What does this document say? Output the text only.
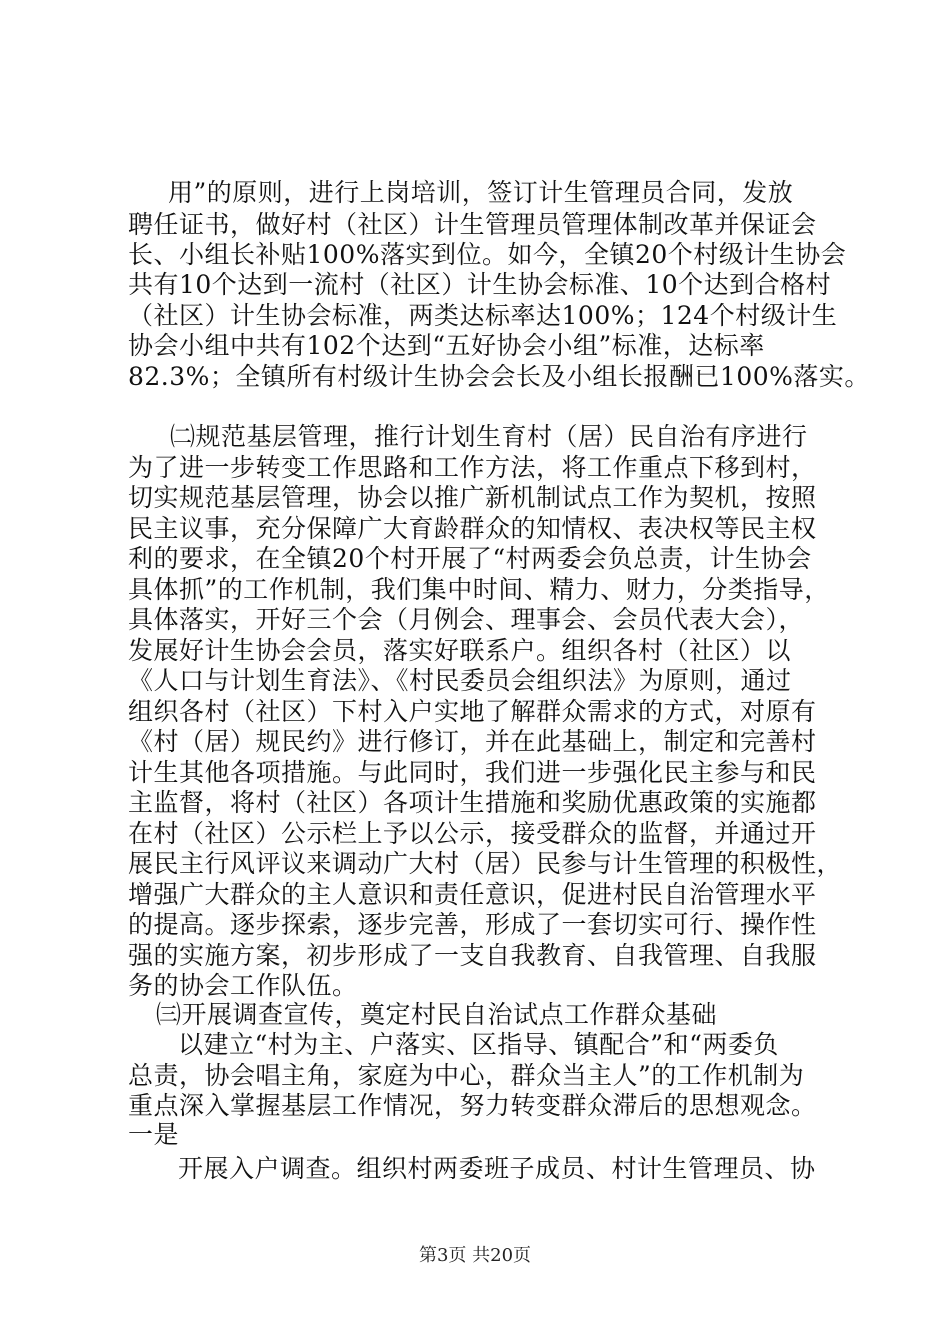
用”的原则，进行上岗培训，签订计生管理员合同，发放
聘任证书，做好村（社区）计生管理员管理体制改革并保证会
长、小组长补贴100%落实到位。如今，全镇20个村级计生协会
共有10个达到一流村（社区）计生协会标准、10个达到合格村
（社区）计生协会标准，两类达标率达100%；124个村级计生
协会小组中共有102个达到“五好协会小组”标准，达标率
82.3%；全镇所有村级计生协会会长及小组长报酬已100%落实。
㈡规范基层管理，推行计划生育村（居）民自治有序进行
为了进一步转变工作思路和工作方法，将工作重点下移到村，
切实规范基层管理，协会以推广新机制试点工作为契机，按照
民主议事，充分保障广大育龄群众的知情权、表决权等民主权
利的要求，在全镇20个村开展了“村两委会负总责，计生协会
具体抓”的工作机制，我们集中时间、精力、财力，分类指导，
具体落实，开好三个会（月例会、理事会、会员代表大会），
发展好计生协会会员，落实好联系户。组织各村（社区）以
《人口与计划生育法》、《村民委员会组织法》为原则，通过
组织各村（社区）下村入户实地了解群众需求的方式，对原有
《村（居）规民约》进行修订，并在此基础上，制定和完善村
计生其他各项措施。与此同时，我们进一步强化民主参与和民
主监督，将村（社区）各项计生措施和奖励优惠政策的实施都
在村（社区）公示栏上予以公示，接受群众的监督，并通过开
展民主行风评议来调动广大村（居）民参与计生管理的积极性，
增强广大群众的主人意识和责任意识，促进村民自治管理水平
的提高。逐步探索，逐步完善，形成了一套切实可行、操作性
强的实施方案，初步形成了一支自我教育、自我管理、自我服
务的协会工作队伍。
㈢开展调查宣传，奠定村民自治试点工作群众基础
以建立“村为主、户落实、区指导、镇配合”和“两委负
总责，协会唱主角，家庭为中心，群众当主人”的工作机制为
重点深入掌握基层工作情况，努力转变群众滞后的思想观念。
一是
开展入户调查。组织村两委班子成员、村计生管理员、协
第3页 共20页
